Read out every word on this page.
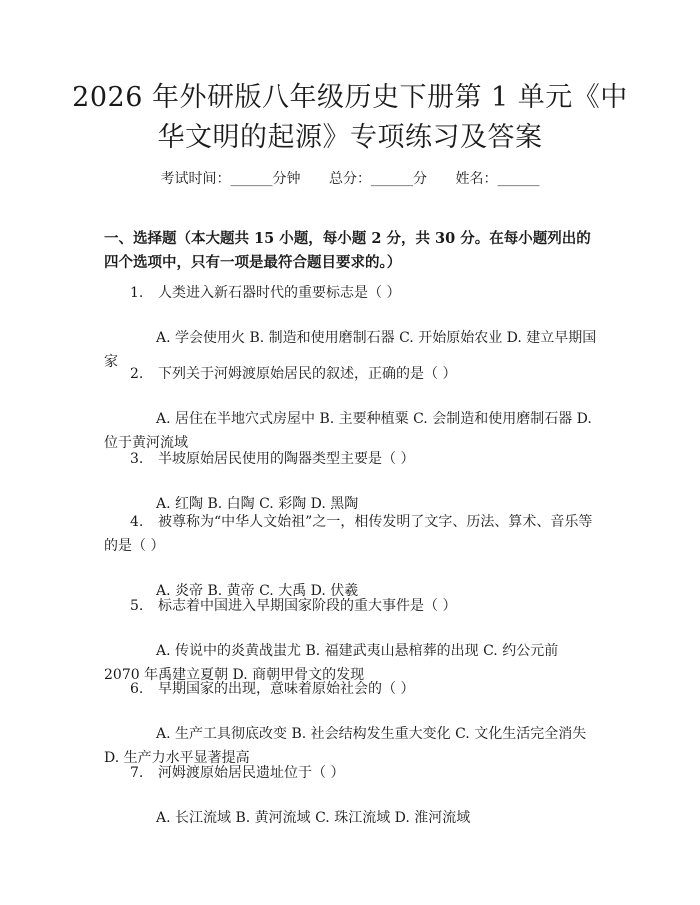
2026 年外研版八年级历史下册第 1 单元《中
华文明的起源》专项练习及答案
考试时间：______分钟 总分：______分 姓名：______
一、选择题（本大题共 15 小题，每小题 2 分，共 30 分。在每小题列出的四个选项中，只有一项是最符合题目要求的。）
1. 人类进入新石器时代的重要标志是（ ）
A. 学会使用火 B. 制造和使用磨制石器 C. 开始原始农业 D. 建立早期国家
2. 下列关于河姆渡原始居民的叙述，正确的是（ ）
A. 居住在半地穴式房屋中 B. 主要种植粟 C. 会制造和使用磨制石器 D. 位于黄河流域
3. 半坡原始居民使用的陶器类型主要是（ ）
A. 红陶 B. 白陶 C. 彩陶 D. 黑陶
4. 被尊称为“中华人文始祖”之一，相传发明了文字、历法、算术、音乐等的是（ ）
A. 炎帝 B. 黄帝 C. 大禹 D. 伏羲
5. 标志着中国进入早期国家阶段的重大事件是（ ）
A. 传说中的炎黄战蚩尤 B. 福建武夷山悬棺葬的出现 C. 约公元前 2070 年禹建立夏朝 D. 商朝甲骨文的发现
6. 早期国家的出现，意味着原始社会的（ ）
A. 生产工具彻底改变 B. 社会结构发生重大变化 C. 文化生活完全消失 D. 生产力水平显著提高
7. 河姆渡原始居民遗址位于（ ）
A. 长江流域 B. 黄河流域 C. 珠江流域 D. 淮河流域
